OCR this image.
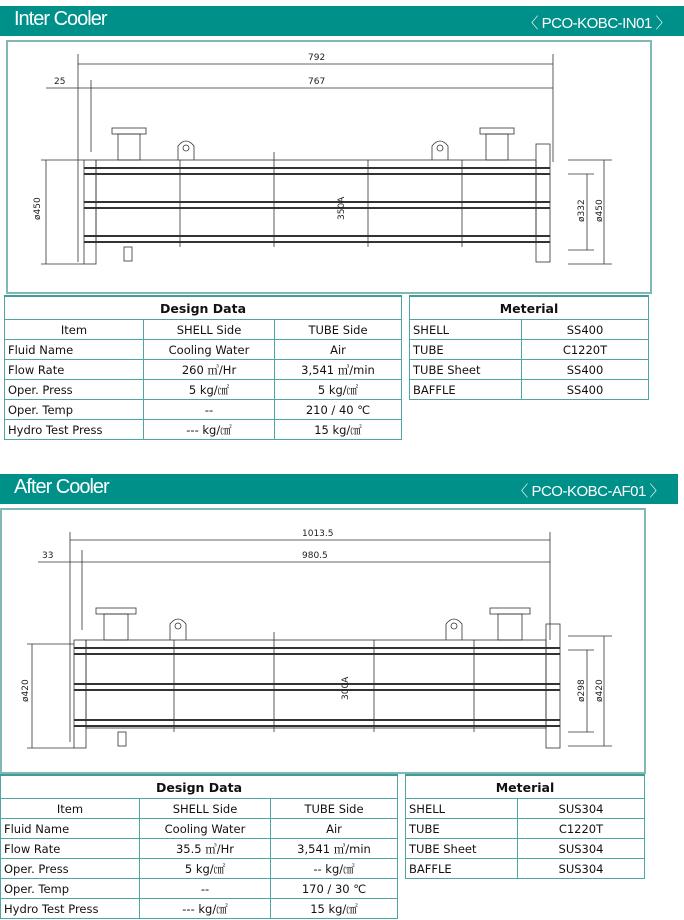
Inter Cooler	〈 PCO-KOBC-IN01 〉
792
767
25
ø450	350A	ø332 ø450
Design Data		
Item	SHELL Side	TUBE Side
Fluid Name	Cooling Water	Air
Flow Rate	260 ㎥/Hr	3,541 ㎥/min
Oper. Press	5 kg/㎠	5 kg/㎠
Oper. Temp	--	210 / 40 ℃
Hydro Test Press	--- kg/㎠	15 kg/㎠
Meterial	
SHELL	SS400
TUBE	C1220T
TUBE Sheet	SS400
BAFFLE	SS400
After Cooler	〈 PCO-KOBC-AF01 〉
1013.5
980.5
33
ø420	300A	ø298 ø420
Design Data		
Item	SHELL Side	TUBE Side
Fluid Name	Cooling Water	Air
Flow Rate	35.5 ㎥/Hr	3,541 ㎥/min
Oper. Press	5 kg/㎠	-- kg/㎠
Oper. Temp	--	170 / 30 ℃
Hydro Test Press	--- kg/㎠	15 kg/㎠
Meterial	
SHELL	SUS304
TUBE	C1220T
TUBE Sheet	SUS304
BAFFLE	SUS304
